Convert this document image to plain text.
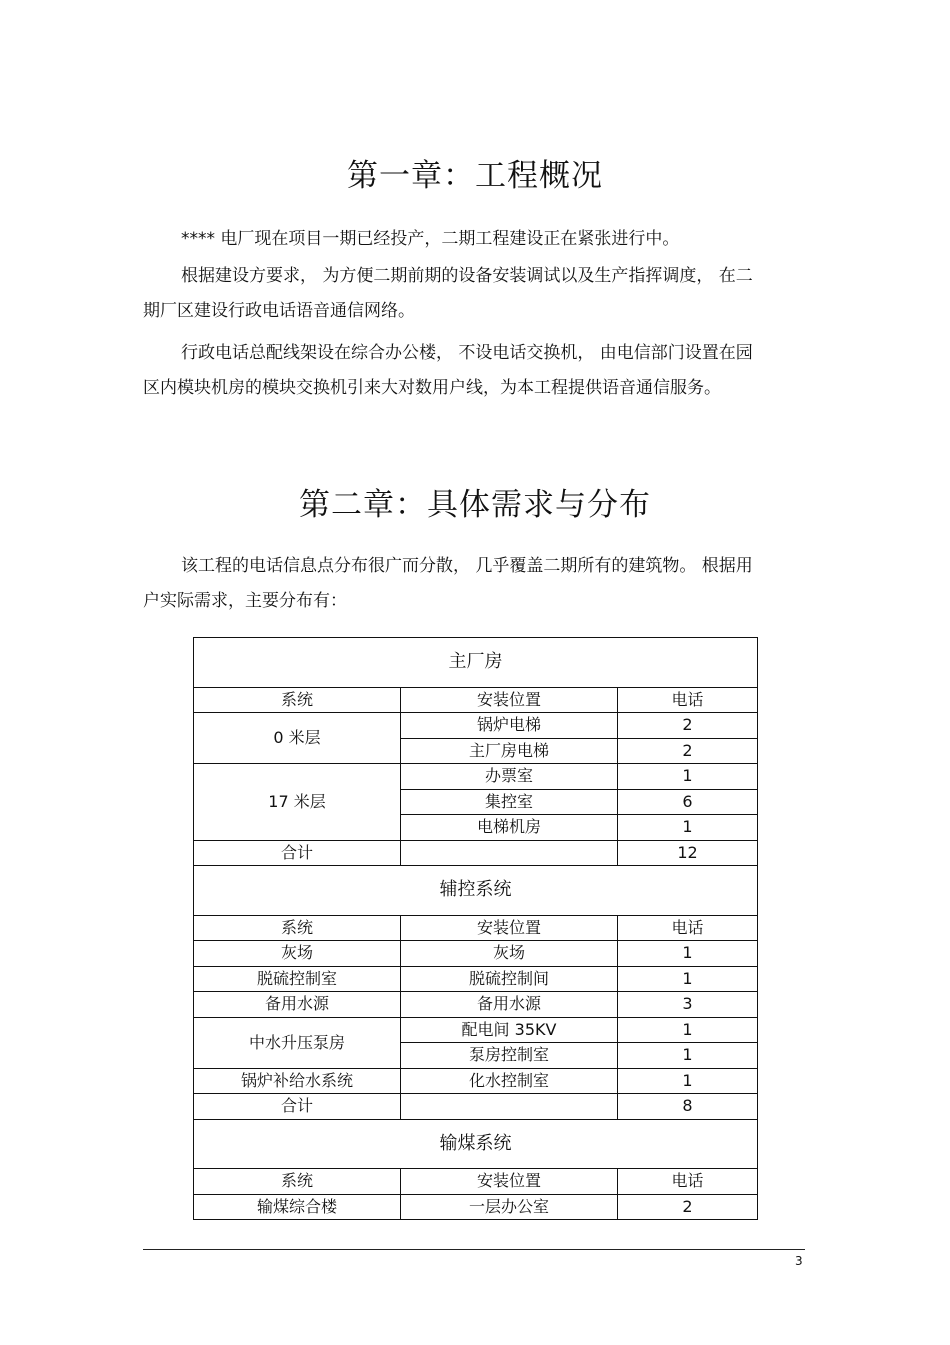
第一章：工程概况
**** 电厂现在项目一期已经投产，二期工程建设正在紧张进行中。
根据建设方要求， 为方便二期前期的设备安装调试以及生产指挥调度， 在二
期厂区建设行政电话语音通信网络。
行政电话总配线架设在综合办公楼， 不设电话交换机， 由电信部门设置在园
区内模块机房的模块交换机引来大对数用户线，为本工程提供语音通信服务。
第二章：具体需求与分布
该工程的电话信息点分布很广而分散， 几乎覆盖二期所有的建筑物。 根据用
户实际需求，主要分布有：
主厂房		
系统	安装位置	电话
0 米层	锅炉电梯	2
	主厂房电梯	2
17 米层	办票室	1
	集控室	6
	电梯机房	1
合计		12
辅控系统		
系统	安装位置	电话
灰场	灰场	1
脱硫控制室	脱硫控制间	1
备用水源	备用水源	3
中水升压泵房	配电间 35KV	1
	泵房控制室	1
锅炉补给水系统	化水控制室	1
合计		8
输煤系统		
系统	安装位置	电话
输煤综合楼	一层办公室	2
3
